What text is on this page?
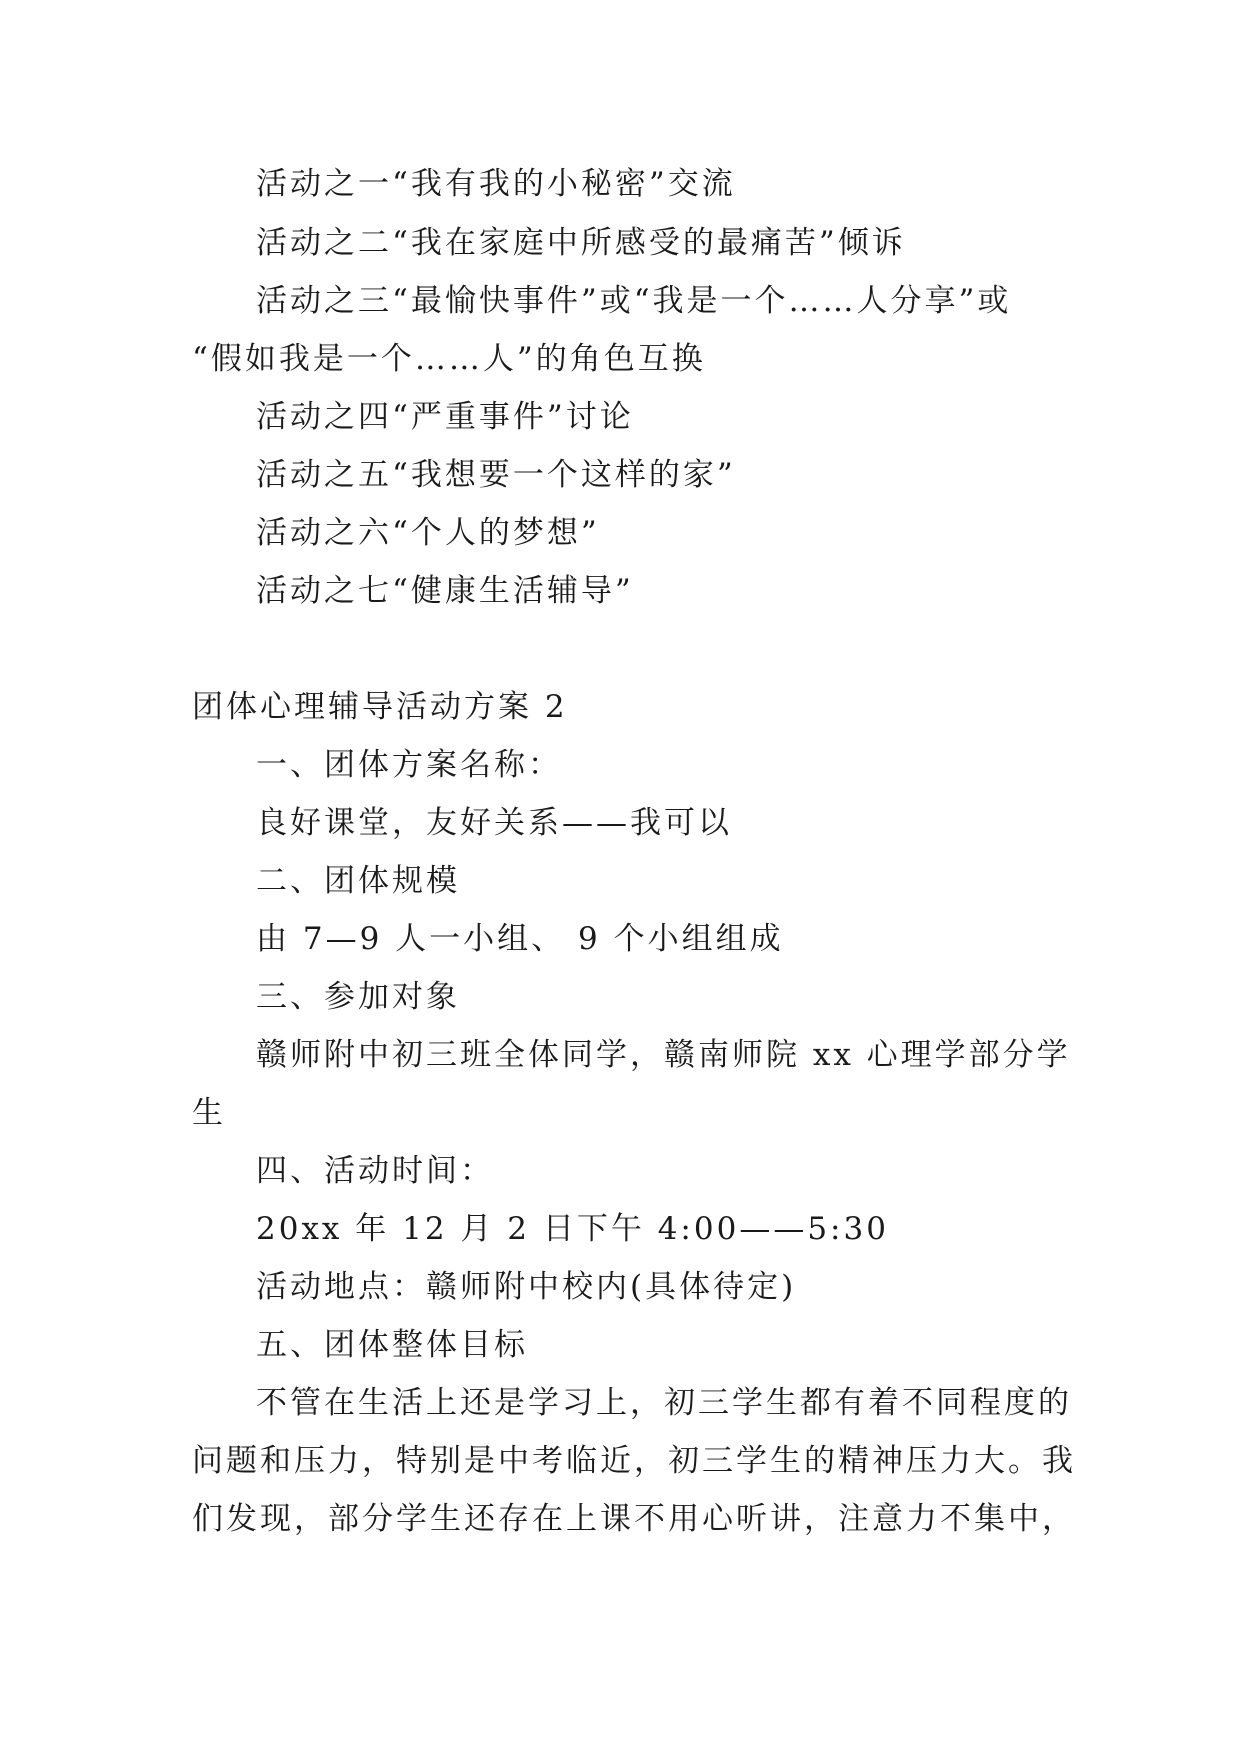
活动之一“我有我的小秘密”交流
活动之二“我在家庭中所感受的最痛苦”倾诉
活动之三“最愉快事件”或“我是一个……人分享”或
“假如我是一个……人”的角色互换
活动之四“严重事件”讨论
活动之五“我想要一个这样的家”
活动之六“个人的梦想”
活动之七“健康生活辅导”
团体心理辅导活动方案 2
一、团体方案名称：
良好课堂，友好关系——我可以
二、团体规模
由 7—9 人一小组、 9 个小组组成
三、参加对象
赣师附中初三班全体同学，赣南师院 xx 心理学部分学
生
四、活动时间：
20xx 年 12 月 2 日下午 4:00——5:30
活动地点：赣师附中校内(具体待定)
五、团体整体目标
不管在生活上还是学习上，初三学生都有着不同程度的
问题和压力，特别是中考临近，初三学生的精神压力大。我
们发现，部分学生还存在上课不用心听讲，注意力不集中，
